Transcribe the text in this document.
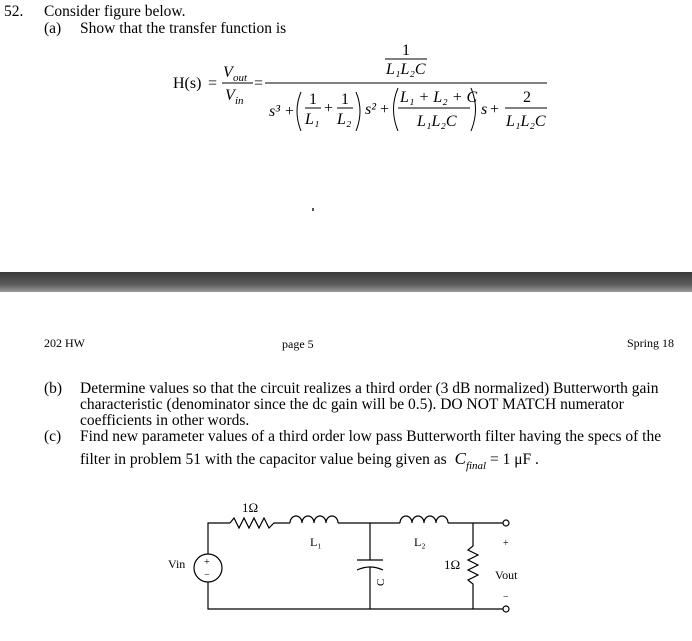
52. Consider figure below.
(a) Show that the transfer function is
H(s) =
V out
V in
=
1
L₁L₂C
s³ +
1
L₁
+
1
L₂
s² +
L₁ + L₂ + C
L₁L₂C
s +
2
L₁L₂C
202 HW	page 5	Spring 18
(b) Determine values so that the circuit realizes a third order (3 dB normalized) Butterworth gain
characteristic (denominator since the dc gain will be 0.5). DO NOT MATCH numerator
coefficients in other words.
(c) Find new parameter values of a third order low pass Butterworth filter having the specs of the
filter in problem 51 with the capacitor value being given as $C_{final} = 1$ μF .
+
−
1Ω
L₁	L₂
C
1Ω
Vin
Vout
+
−
